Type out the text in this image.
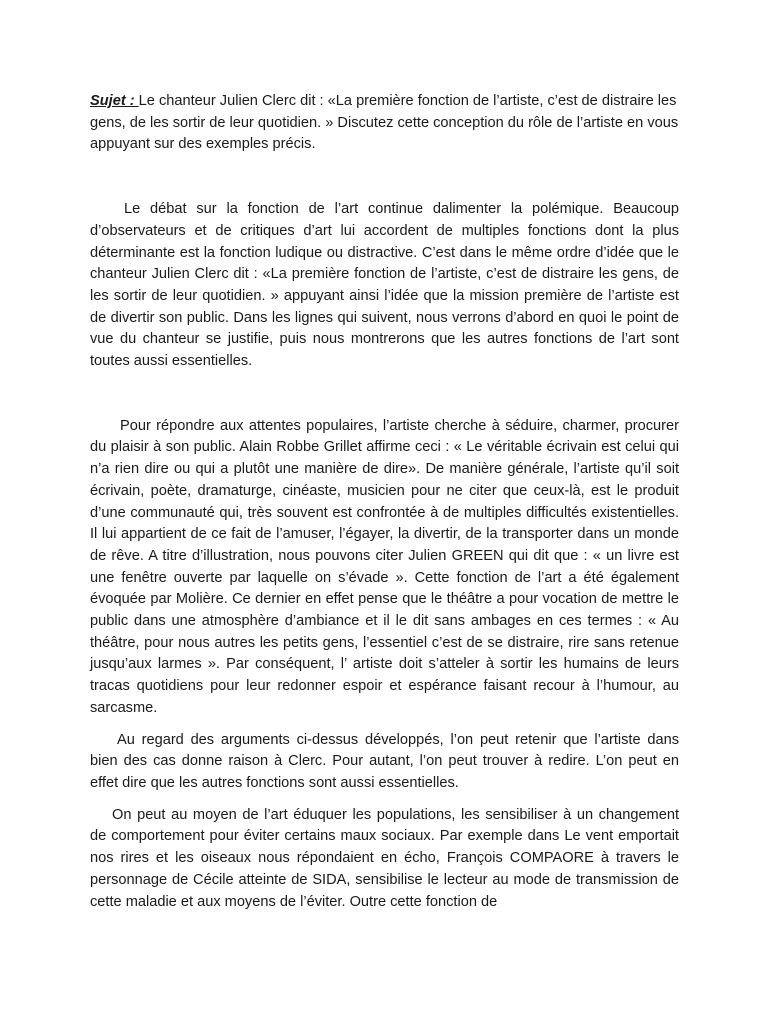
Sujet : Le chanteur Julien Clerc dit : «La première fonction de l’artiste, c’est de distraire les gens, de les sortir de leur quotidien. » Discutez cette conception du rôle de l’artiste en vous appuyant sur des exemples précis.

Le débat sur la fonction de l’art continue dalimenter la polémique. Beaucoup d’observateurs et de critiques d’art lui accordent de multiples fonctions dont la plus déterminante est la fonction ludique ou distractive. C’est dans le même ordre d’idée que le chanteur Julien Clerc dit : «La première fonction de l’artiste, c’est de distraire les gens, de les sortir de leur quotidien. » appuyant ainsi l’idée que la mission première de l’artiste est de divertir son public. Dans les lignes qui suivent, nous verrons d’abord en quoi le point de vue du chanteur se justifie, puis nous montrerons que les autres fonctions de l’art sont toutes aussi essentielles.

Pour répondre aux attentes populaires, l’artiste cherche à séduire, charmer, procurer du plaisir à son public. Alain Robbe Grillet affirme ceci : « Le véritable écrivain est celui qui n’a rien dire ou qui a plutôt une manière de dire». De manière générale, l’artiste qu’il soit écrivain, poète, dramaturge, cinéaste, musicien pour ne citer que ceux-là, est le produit d’une communauté qui, très souvent est confrontée à de multiples difficultés existentielles. Il lui appartient de ce fait de l’amuser, l’égayer, la divertir, de la transporter dans un monde de rêve. A titre d’illustration, nous pouvons citer Julien GREEN qui dit que : « un livre est une fenêtre ouverte par laquelle on s’évade ». Cette fonction de l’art a été également évoquée par Molière. Ce dernier en effet pense que le théâtre a pour vocation de mettre le public dans une atmosphère d’ambiance et il le dit sans ambages en ces termes : « Au théâtre, pour nous autres les petits gens, l’essentiel c’est de se distraire, rire sans retenue jusqu’aux larmes ». Par conséquent, l’ artiste doit s’atteler à sortir les humains de leurs tracas quotidiens pour leur redonner espoir et espérance faisant recour à l’humour, au sarcasme.

Au regard des arguments ci-dessus développés, l’on peut retenir que l’artiste dans bien des cas donne raison à Clerc. Pour autant, l’on peut trouver à redire. L’on peut en effet dire que les autres fonctions sont aussi essentielles.

On peut au moyen de l’art éduquer les populations, les sensibiliser à un changement de comportement pour éviter certains maux sociaux. Par exemple dans Le vent emportait nos rires et les oiseaux nous répondaient en écho, François COMPAORE à travers le personnage de Cécile atteinte de SIDA, sensibilise le lecteur au mode de transmission de cette maladie et aux moyens de l’éviter. Outre cette fonction de
